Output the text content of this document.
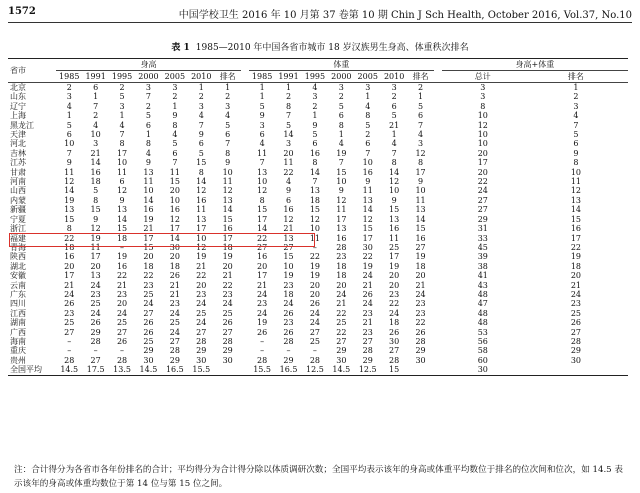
1572	中国学校卫生 2016 年 10 月第 37 卷第 10 期 Chin J Sch Health, October 2016, Vol.37, No.10
表 1 1985—2010 年中国各省市城市 18 岁汉族男生身高、体重秩次排名
省市	身高								体重								身高+体重	
	1985	1991	1995	2000	2005	2010	排名		1985	1991	1995	2000	2005	2010	排名		总计	排名
北京	2	6	2	3	3	1	1		1	1	4	3	3	3	2		3	1
山东	3	1	5	7	2	2	2		1	2	3	2	1	2	1		3	2
辽宁	4	7	3	2	1	3	3		5	8	2	5	4	6	5		8	3
上海	1	2	1	5	9	4	4		9	7	1	6	8	5	6		10	4
黑龙江	5	4	4	6	8	7	5		3	5	9	8	5	21	7		12	7
天津	6	10	7	1	4	9	6		6	14	5	1	2	1	4		10	5
河北	10	3	8	8	5	6	7		4	3	6	4	6	4	3		10	6
吉林	7	21	17	4	6	5	8		11	20	16	19	7	7	12		20	9
江苏	9	14	10	9	7	15	9		7	11	8	7	10	8	8		17	8
甘肃	11	16	11	13	11	8	10		13	22	14	15	16	14	17		20	10
河南	12	18	6	11	15	14	11		10	4	7	10	9	12	9		22	11
山西	14	5	12	10	20	12	12		12	9	13	9	11	10	10		24	12
内蒙	19	8	9	14	10	16	13		8	6	18	12	13	9	11		27	13
新疆	13	15	13	16	16	11	14		15	16	15	11	14	15	13		27	14
宁夏	15	9	14	19	12	13	15		17	12	12	17	12	13	14		29	15
浙江	8	12	15	21	17	17	16		14	21	10	13	15	16	15		31	16
福建	22	19	18	17	14	10	17		22	13	11	16	17	11	16		33	17
青海	18	11	–	15	30	12	18		27	27	–	28	30	25	27		45	22
陕西	16	17	19	20	20	19	19		16	15	22	23	22	17	19		39	19
湖北	20	20	16	18	18	21	20		20	10	19	18	19	19	18		38	18
安徽	17	13	22	22	26	22	21		17	19	19	18	24	20	20		41	20
云南	21	24	21	23	21	20	22		21	23	20	20	21	20	21		43	21
广东	24	23	23	25	21	23	23		24	18	20	24	26	23	24		48	24
四川	26	25	20	24	23	24	24		23	24	26	21	24	22	23		47	23
江西	23	24	24	27	24	25	25		24	26	24	22	23	24	23		48	25
湖南	25	26	25	26	25	24	26		19	23	24	25	21	18	22		48	26
广西	27	29	27	26	24	27	27		26	26	27	22	23	26	26		53	27
海南	–	28	26	25	27	28	28		–	28	25	27	27	30	28		56	28
重庆	–	–	–	29	28	29	29		–	–	–	29	28	27	29		58	29
贵州	28	27	28	30	29	30	30		28	29	28	30	29	28	30		60	30
全国平均	14.5	17.5	13.5	14.5	16.5	15.5			15.5	16.5	12.5	14.5	12.5	15			30	
注：合计得分为各省市各年份排名的合计；平均得分为合计得分除以体质调研次数；全国平均表示该年的身高或体重平均数位于排名的位次间和位次，如 14.5 表示该年的身高或体重均数位于第 14 位与第 15 位之间。
